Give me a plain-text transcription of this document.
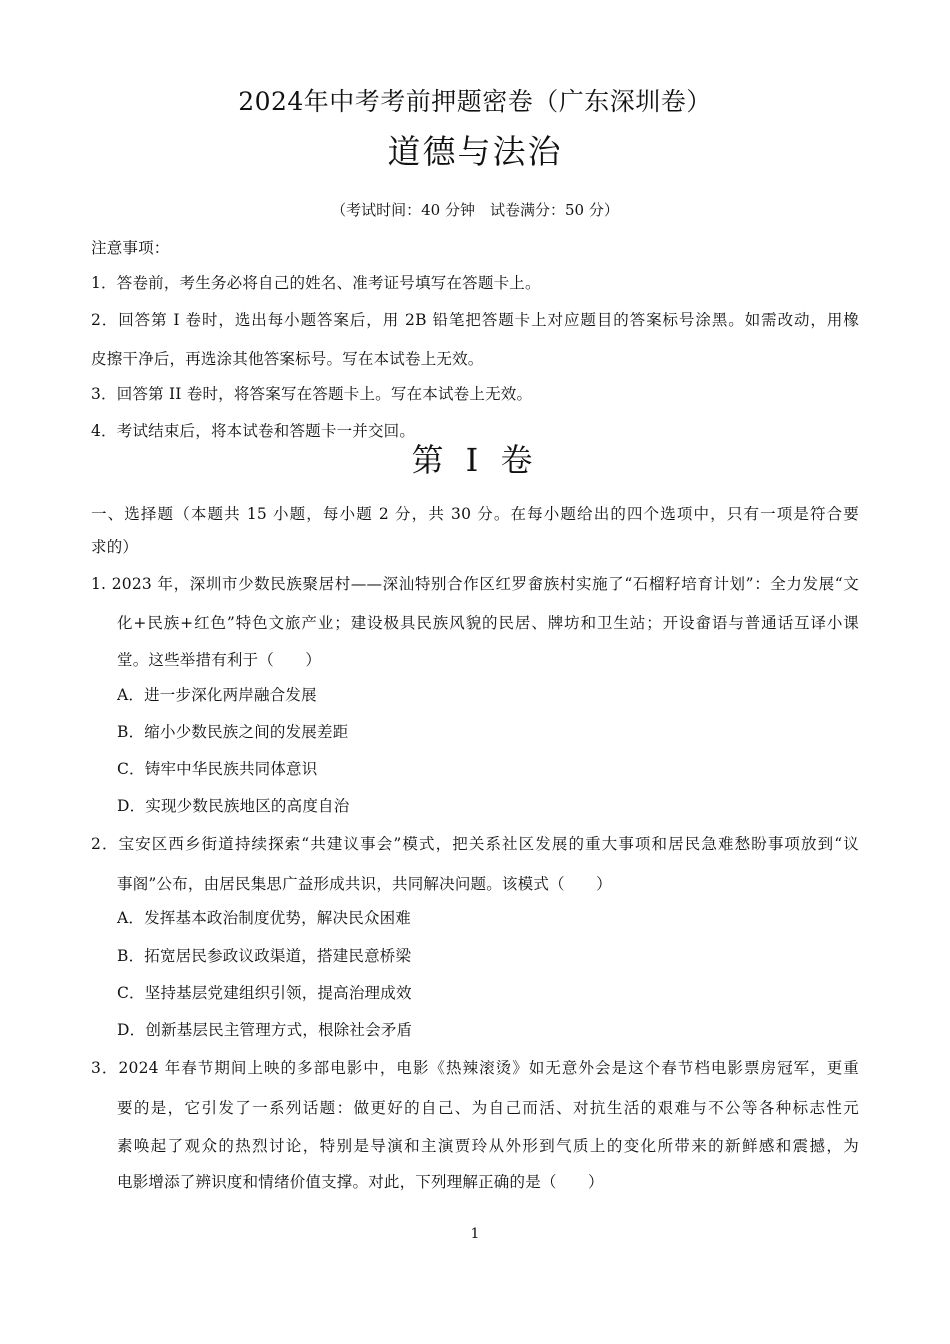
2024年中考考前押题密卷（广东深圳卷）
道德与法治
（考试时间：40 分钟　试卷满分：50 分）
注意事项：
1．答卷前，考生务必将自己的姓名、准考证号填写在答题卡上。
2．回答第 I 卷时，选出每小题答案后，用 2B 铅笔把答题卡上对应题目的答案标号涂黑。如需改动，用橡
皮擦干净后，再选涂其他答案标号。写在本试卷上无效。
3．回答第 II 卷时，将答案写在答题卡上。写在本试卷上无效。
4．考试结束后，将本试卷和答题卡一并交回。
第 I 卷
一、选择题（本题共 15 小题，每小题 2 分，共 30 分。在每小题给出的四个选项中，只有一项是符合要
求的）
1. 2023 年，深圳市少数民族聚居村——深汕特别合作区红罗畲族村实施了“石榴籽培育计划”：全力发展“文
化+民族+红色”特色文旅产业；建设极具民族风貌的民居、牌坊和卫生站；开设畲语与普通话互译小课
堂。这些举措有利于（　　）
A．进一步深化两岸融合发展
B．缩小少数民族之间的发展差距
C．铸牢中华民族共同体意识
D．实现少数民族地区的高度自治
2．宝安区西乡街道持续探索“共建议事会”模式，把关系社区发展的重大事项和居民急难愁盼事项放到“议
事阁”公布，由居民集思广益形成共识，共同解决问题。该模式（　　）
A．发挥基本政治制度优势，解决民众困难
B．拓宽居民参政议政渠道，搭建民意桥梁
C．坚持基层党建组织引领，提高治理成效
D．创新基层民主管理方式，根除社会矛盾
3．2024 年春节期间上映的多部电影中，电影《热辣滚烫》如无意外会是这个春节档电影票房冠军，更重
要的是，它引发了一系列话题：做更好的自己、为自己而活、对抗生活的艰难与不公等各种标志性元
素唤起了观众的热烈讨论，特别是导演和主演贾玲从外形到气质上的变化所带来的新鲜感和震撼，为
电影增添了辨识度和情绪价值支撑。对此，下列理解正确的是（　　）
1
